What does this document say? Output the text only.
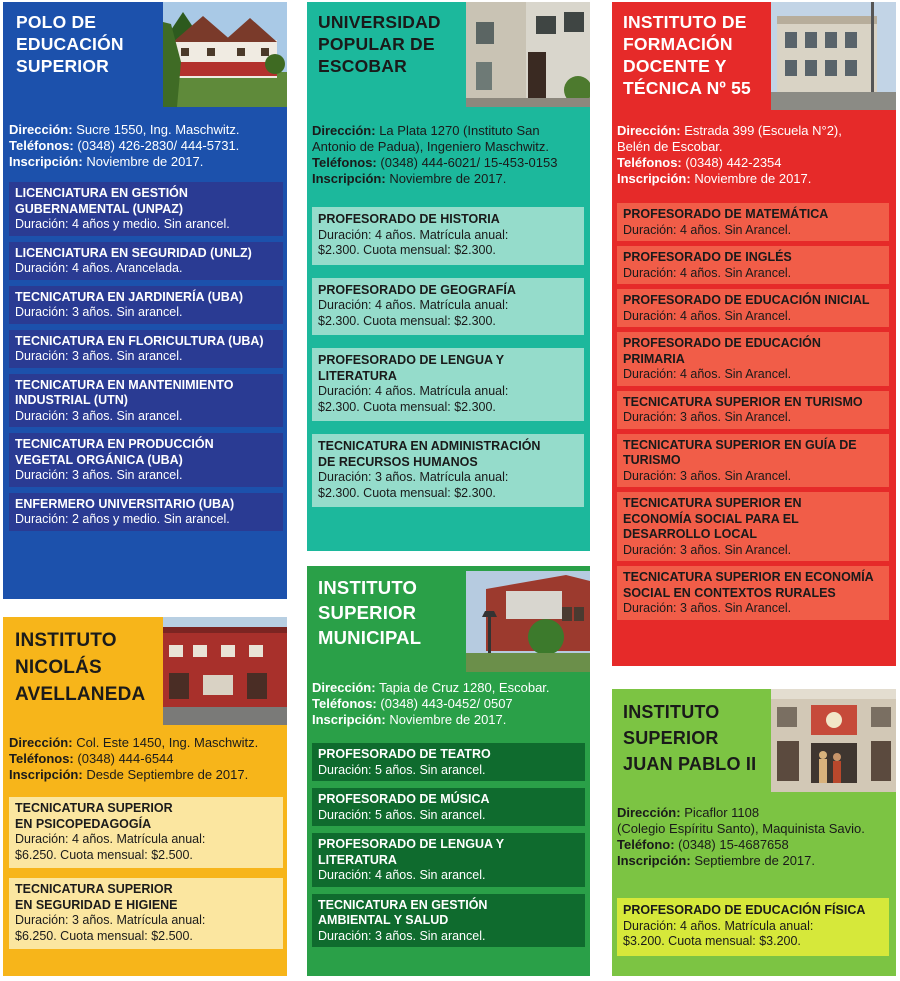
POLO DE
EDUCACIÓN
SUPERIOR
Dirección: Sucre 1550, Ing. Maschwitz.
Teléfonos: (0348) 426-2830/ 444-5731.
Inscripción: Noviembre de 2017.
LICENCIATURA EN GESTIÓN
GUBERNAMENTAL (UNPAZ)
Duración: 4 años y medio. Sin arancel.
LICENCIATURA EN SEGURIDAD (UNLZ)
Duración: 4 años. Arancelada.
TECNICATURA EN JARDINERÍA (UBA)
Duración: 3 años. Sin arancel.
TECNICATURA EN FLORICULTURA (UBA)
Duración: 3 años. Sin arancel.
TECNICATURA EN MANTENIMIENTO
INDUSTRIAL (UTN)
Duración: 3 años. Sin arancel.
TECNICATURA EN PRODUCCIÓN
VEGETAL ORGÁNICA (UBA)
Duración: 3 años. Sin arancel.
ENFERMERO UNIVERSITARIO (UBA)
Duración: 2 años y medio. Sin arancel.
INSTITUTO
NICOLÁS
AVELLANEDA
Dirección: Col. Este 1450, Ing. Maschwitz.
Teléfonos: (0348) 444-6544
Inscripción: Desde Septiembre de 2017.
TECNICATURA SUPERIOR
EN PSICOPEDAGOGÍA
Duración: 4 años. Matrícula anual:
$6.250. Cuota mensual: $2.500.
TECNICATURA SUPERIOR
EN SEGURIDAD E HIGIENE
Duración: 3 años. Matrícula anual:
$6.250. Cuota mensual: $2.500.
UNIVERSIDAD
POPULAR DE
ESCOBAR
Dirección: La Plata 1270 (Instituto San
Antonio de Padua), Ingeniero Maschwitz.
Teléfonos: (0348) 444-6021/ 15-453-0153
Inscripción: Noviembre de 2017.
PROFESORADO DE HISTORIA
Duración: 4 años. Matrícula anual:
$2.300. Cuota mensual: $2.300.
PROFESORADO DE GEOGRAFÍA
Duración: 4 años. Matrícula anual:
$2.300. Cuota mensual: $2.300.
PROFESORADO DE LENGUA Y
LITERATURA
Duración: 4 años. Matrícula anual:
$2.300. Cuota mensual: $2.300.
TECNICATURA EN ADMINISTRACIÓN
DE RECURSOS HUMANOS
Duración: 3 años. Matrícula anual:
$2.300. Cuota mensual: $2.300.
INSTITUTO
SUPERIOR
MUNICIPAL
Dirección: Tapia de Cruz 1280, Escobar.
Teléfonos: (0348) 443-0452/ 0507
Inscripción: Noviembre de 2017.
PROFESORADO DE TEATRO
Duración: 5 años. Sin arancel.
PROFESORADO DE MÚSICA
Duración: 5 años. Sin arancel.
PROFESORADO DE LENGUA Y
LITERATURA
Duración: 4 años. Sin arancel.
TECNICATURA EN GESTIÓN
AMBIENTAL Y SALUD
Duración: 3 años. Sin arancel.
INSTITUTO DE
FORMACIÓN
DOCENTE Y
TÉCNICA Nº 55
Dirección: Estrada 399 (Escuela N°2),
Belén de Escobar.
Teléfonos: (0348) 442-2354
Inscripción: Noviembre de 2017.
PROFESORADO DE MATEMÁTICA
Duración: 4 años. Sin Arancel.
PROFESORADO DE INGLÉS
Duración: 4 años. Sin Arancel.
PROFESORADO DE EDUCACIÓN INICIAL
Duración: 4 años. Sin Arancel.
PROFESORADO DE EDUCACIÓN PRIMARIA
Duración: 4 años. Sin Arancel.
TECNICATURA SUPERIOR EN TURISMO
Duración: 3 años. Sin Arancel.
TECNICATURA SUPERIOR EN GUÍA DE
TURISMO
Duración: 3 años. Sin Arancel.
TECNICATURA SUPERIOR EN
ECONOMÍA SOCIAL PARA EL
DESARROLLO LOCAL
Duración: 3 años. Sin Arancel.
TECNICATURA SUPERIOR EN ECONOMÍA
SOCIAL EN CONTEXTOS RURALES
Duración: 3 años. Sin Arancel.
INSTITUTO
SUPERIOR
JUAN PABLO II
Dirección: Picaflor 1108
(Colegio Espíritu Santo), Maquinista Savio.
Teléfono: (0348) 15-4687658
Inscripción: Septiembre de 2017.
PROFESORADO DE EDUCACIÓN FÍSICA
Duración: 4 años. Matrícula anual:
$3.200. Cuota mensual: $3.200.
